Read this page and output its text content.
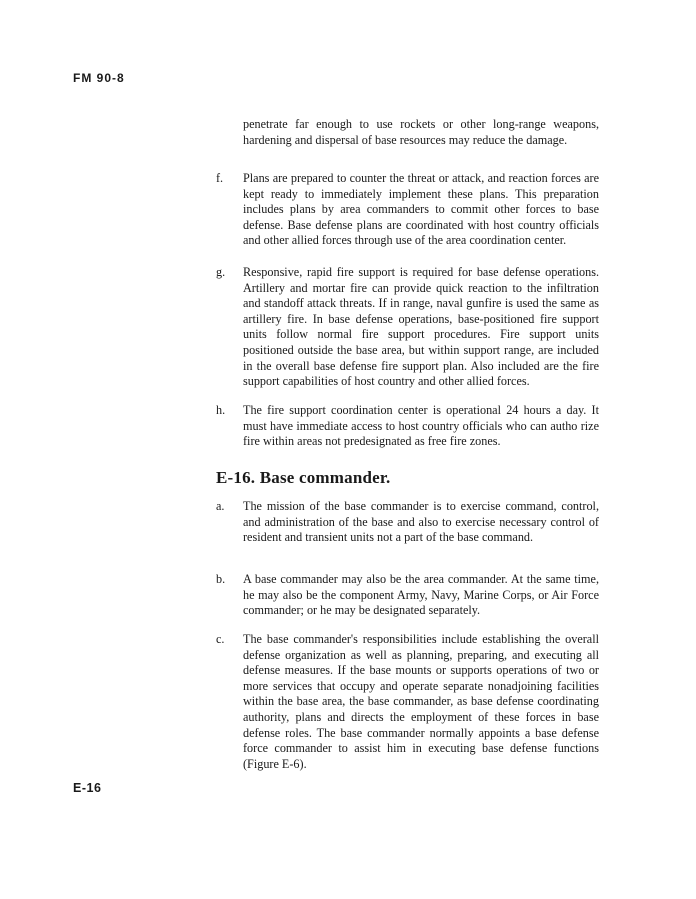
FM 90-8
penetrate far enough to use rockets or other long-range weapons, hardening and dispersal of base resources may reduce the damage.
f. Plans are prepared to counter the threat or attack, and reaction forces are kept ready to immediately implement these plans. This preparation includes plans by area commanders to commit other forces to base defense. Base defense plans are coordinated with host country officials and other allied forces through use of the area coordination center.
g. Responsive, rapid fire support is required for base defense operations. Artillery and mortar fire can provide quick reaction to the infiltration and standoff attack threats. If in range, naval gunfire is used the same as artillery fire. In base defense operations, base-positioned fire support units follow normal fire support procedures. Fire support units positioned outside the base area, but within support range, are included in the overall base defense fire support plan. Also included are the fire support capabilities of host country and other allied forces.
h. The fire support coordination center is operational 24 hours a day. It must have immediate access to host country officials who can autho rize fire within areas not predesignated as free fire zones.
E-16. Base commander.
a. The mission of the base commander is to exercise command, control, and administration of the base and also to exercise necessary control of resident and transient units not a part of the base command.
b. A base commander may also be the area commander. At the same time, he may also be the component Army, Navy, Marine Corps, or Air Force commander; or he may be designated separately.
c. The base commander's responsibilities include establishing the overall defense organization as well as planning, preparing, and executing all defense measures. If the base mounts or supports operations of two or more services that occupy and operate separate nonadjoining facilities within the base area, the base commander, as base defense coordinating authority, plans and directs the employment of these forces in base defense roles. The base commander normally appoints a base defense force commander to assist him in executing base defense functions (Figure E-6).
E-16
